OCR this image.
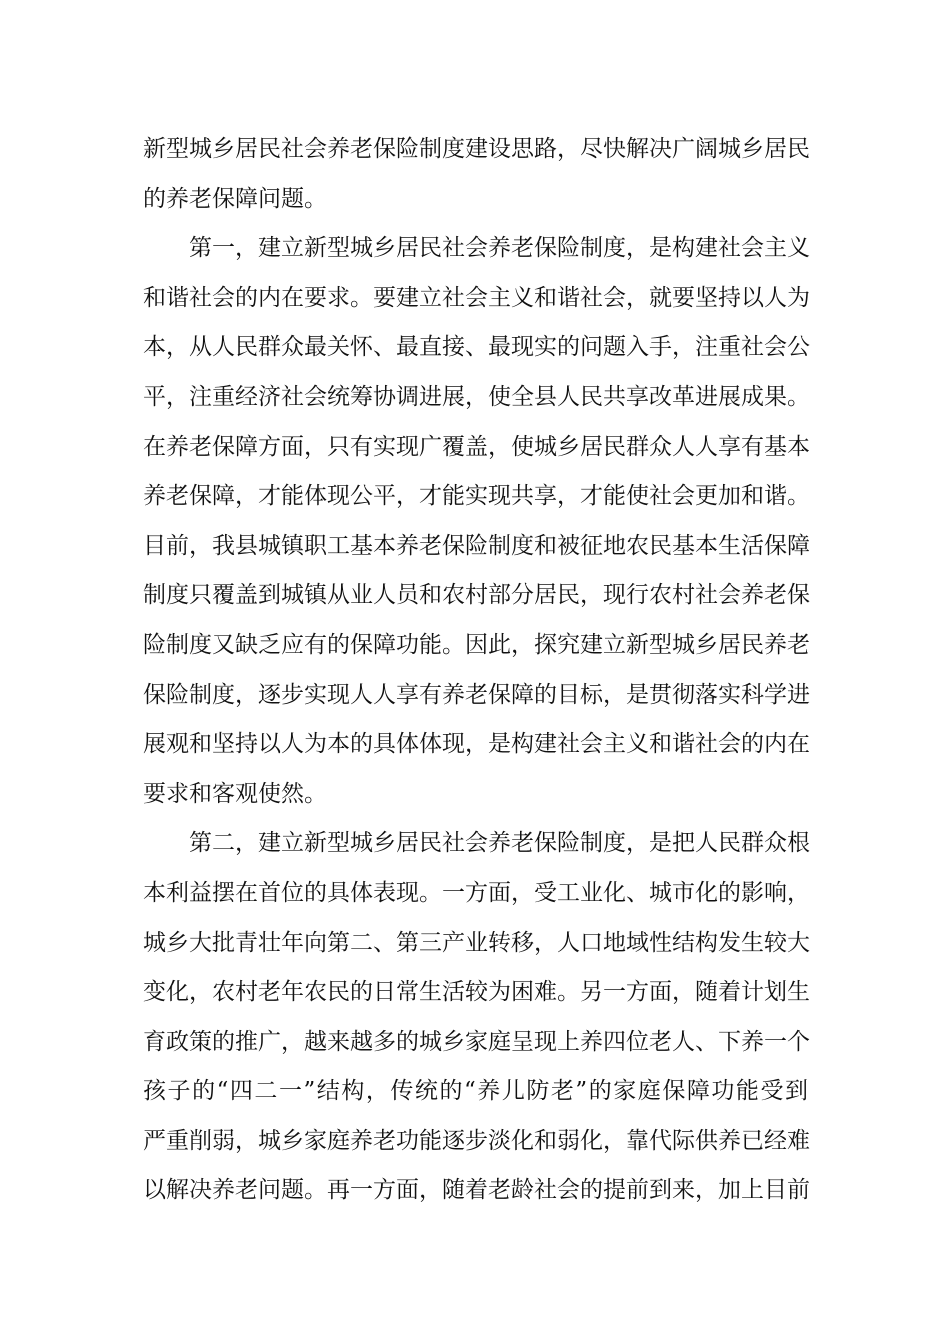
新型城乡居民社会养老保险制度建设思路，尽快解决广阔城乡居民
的养老保障问题。
第一，建立新型城乡居民社会养老保险制度，是构建社会主义
和谐社会的内在要求。要建立社会主义和谐社会，就要坚持以人为
本，从人民群众最关怀、最直接、最现实的问题入手，注重社会公
平，注重经济社会统筹协调进展，使全县人民共享改革进展成果。
在养老保障方面，只有实现广覆盖，使城乡居民群众人人享有基本
养老保障，才能体现公平，才能实现共享，才能使社会更加和谐。
目前，我县城镇职工基本养老保险制度和被征地农民基本生活保障
制度只覆盖到城镇从业人员和农村部分居民，现行农村社会养老保
险制度又缺乏应有的保障功能。因此，探究建立新型城乡居民养老
保险制度，逐步实现人人享有养老保障的目标，是贯彻落实科学进
展观和坚持以人为本的具体体现，是构建社会主义和谐社会的内在
要求和客观使然。
第二，建立新型城乡居民社会养老保险制度，是把人民群众根
本利益摆在首位的具体表现。一方面，受工业化、城市化的影响，
城乡大批青壮年向第二、第三产业转移，人口地域性结构发生较大
变化，农村老年农民的日常生活较为困难。另一方面，随着计划生
育政策的推广，越来越多的城乡家庭呈现上养四位老人、下养一个
孩子的“四二一”结构，传统的“养儿防老”的家庭保障功能受到
严重削弱，城乡家庭养老功能逐步淡化和弱化，靠代际供养已经难
以解决养老问题。再一方面，随着老龄社会的提前到来，加上目前
